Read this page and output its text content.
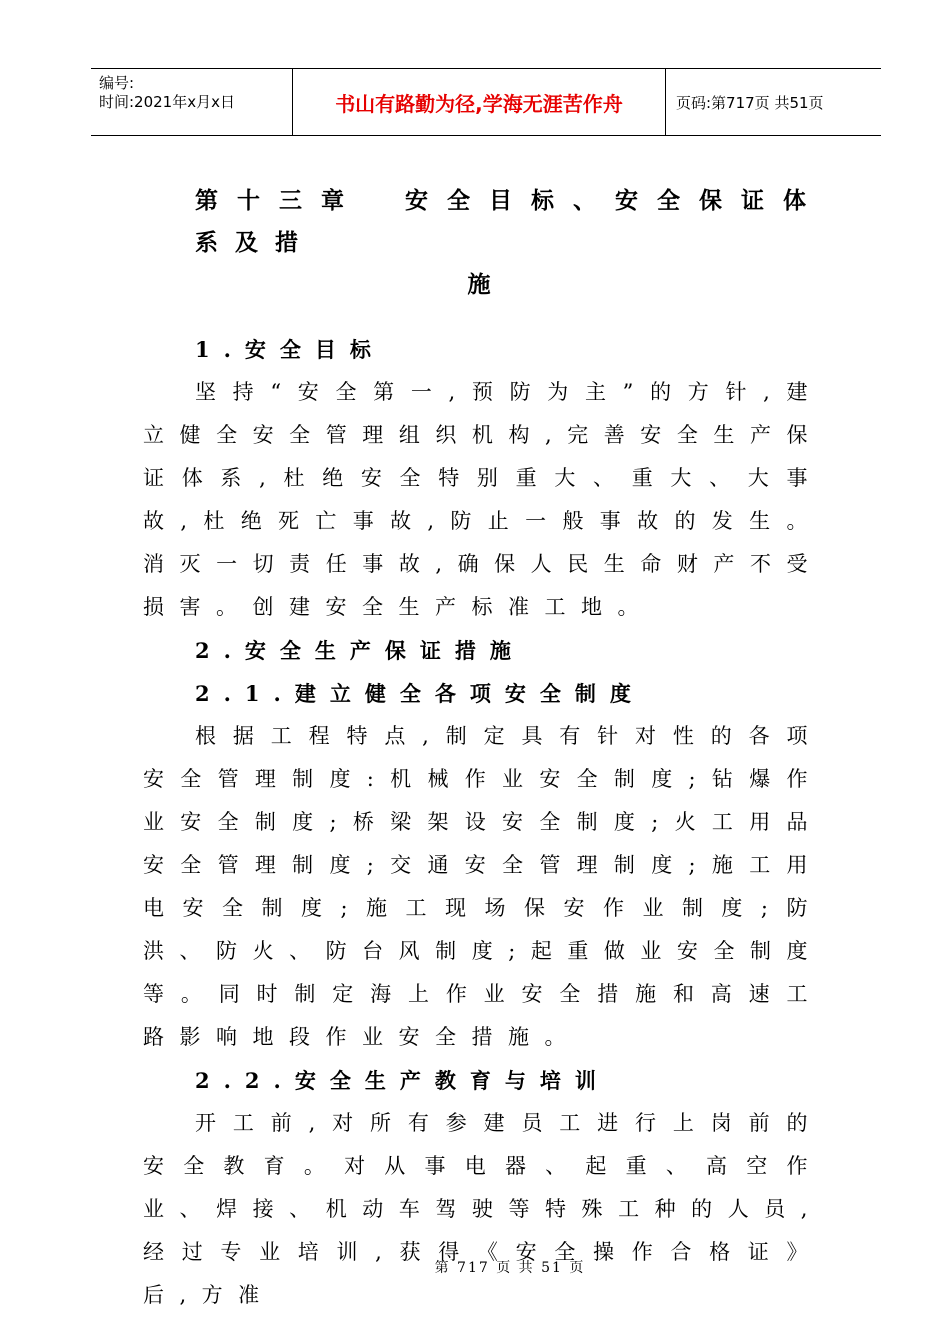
编号:
时间:2021年x月x日	书山有路勤为径,学海无涯苦作舟	页码:第717页 共51页
第十三章　安全目标、安全保证体系及措
施
1.安全目标

坚持“安全第一,预防为主”的方针,建立健全安全管理组织机构,完善安全生产保证体系,杜绝安全特别重大、重大、大事故,杜绝死亡事故,防止一般事故的发生。消灭一切责任事故,确保人民生命财产不受损害。创建安全生产标准工地。

2.安全生产保证措施
2.1.建立健全各项安全制度

根据工程特点,制定具有针对性的各项安全管理制度:机械作业安全制度;钻爆作业安全制度;桥梁架设安全制度;火工用品安全管理制度;交通安全管理制度;施工用电安全制度;施工现场保安作业制度;防洪、防火、防台风制度;起重做业安全制度等。同时制定海上作业安全措施和高速工路影响地段作业安全措施。

2.2.安全生产教育与培训

开工前,对所有参建员工进行上岗前的安全教育。对从事电器、起重、高空作业、焊接、机动车驾驶等特殊工种的人员,经过专业培训,获得《安全操作合格证》后,方准

第 717 页 共 51 页
